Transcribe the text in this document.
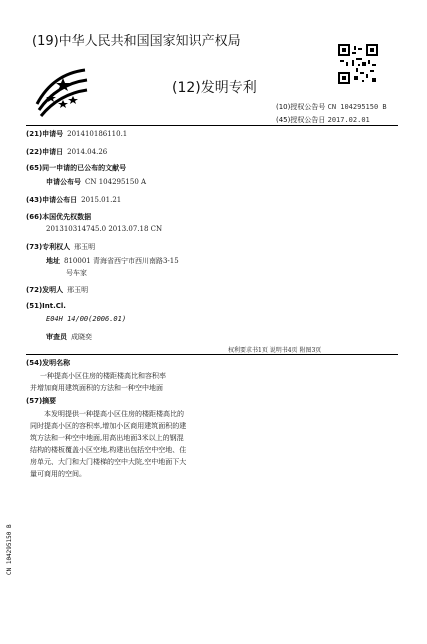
(19)中华人民共和国国家知识产权局
(12)发明专利
(10)授权公告号 CN 104295150 B
(45)授权公告日 2017.02.01
(21)申请号 201410186110.1
(22)申请日 2014.04.26
(65)同一申请的已公布的文献号
申请公布号 CN 104295150 A
(43)申请公布日 2015.01.21
(66)本国优先权数据
201310314745.0 2013.07.18 CN
(73)专利权人 邢玉明
地址 810001 青海省西宁市西川南路3-15
号车家
(72)发明人 邢玉明
(51)Int.Cl.
E04H 14/00(2006.01)
审查员 成晓奕
权利要求书1页 说明书4页 附图3页
(54)发明名称
一种提高小区住房的楼距楼高比和容积率
并增加商用建筑面积的方法和一种空中地面
(57)摘要
本发明提供一种提高小区住房的楼距楼高比的同时提高小区的容积率,增加小区商用建筑面积的建筑方法和一种空中地面,用高出地面3米以上的钢混结构的楼板覆盖小区空地,构建出包括空中空地、住房单元、大门和大门楼梯的空中大院,空中地面下大量可商用的空间。
CN 104295150 B
